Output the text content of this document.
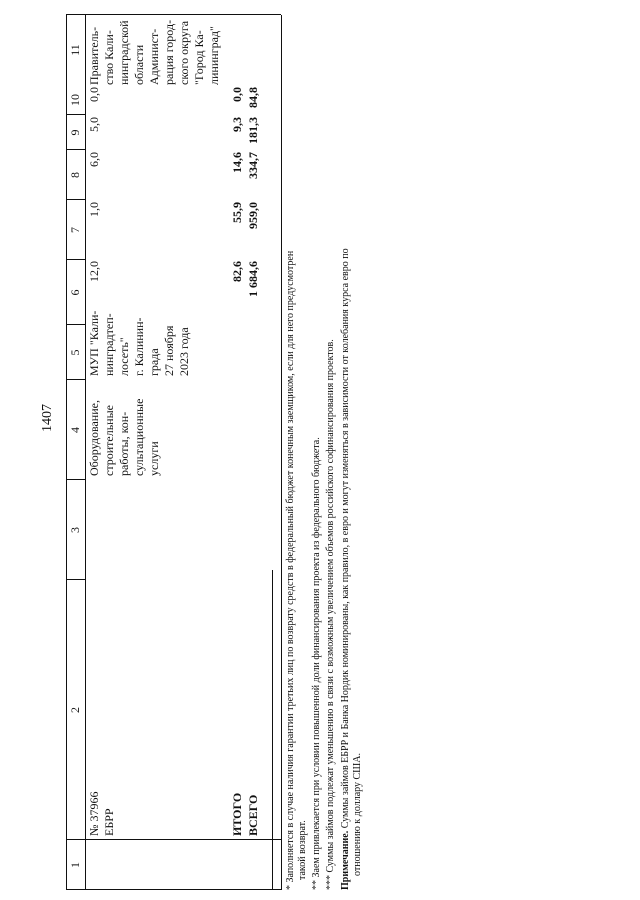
1407
1
2
3
4
5
6
7
8
9
10
11
№ 37966 ЕБРР
Оборудование, строительные работы, кон- сультационные услуги
МУП "Кали- нинградтеп- лосеть" г. Калинин- града 27 ноября 2023 года
12,0
1,0
6,0
5,0
0,0
Правитель- ство Кали- нинградской области Админист- рация город- ского округа "Город Ка- лининград"
ИТОГО
82,6
55,9
14,6
9,3
0,0
ВСЕГО
1 684,6
959,0
334,7
181,3
84,8
* Заполняется в случае наличия гарантии третьих лиц по возврату средств в федеральный бюджет конечным заемщиком, если для него предусмотрен такой возврат.
** Заем привлекается при условии повышенной доли финансирования проекта из федерального бюджета.
*** Суммы займов подлежат уменьшению в связи с возможным увеличением объемов российского софинансирования проектов. Примечание. Суммы займов ЕБРР и Банка Нордик номинированы, как правило, в евро и могут изменяться в зависимости от колебания курса евро по отношению к доллару США.
